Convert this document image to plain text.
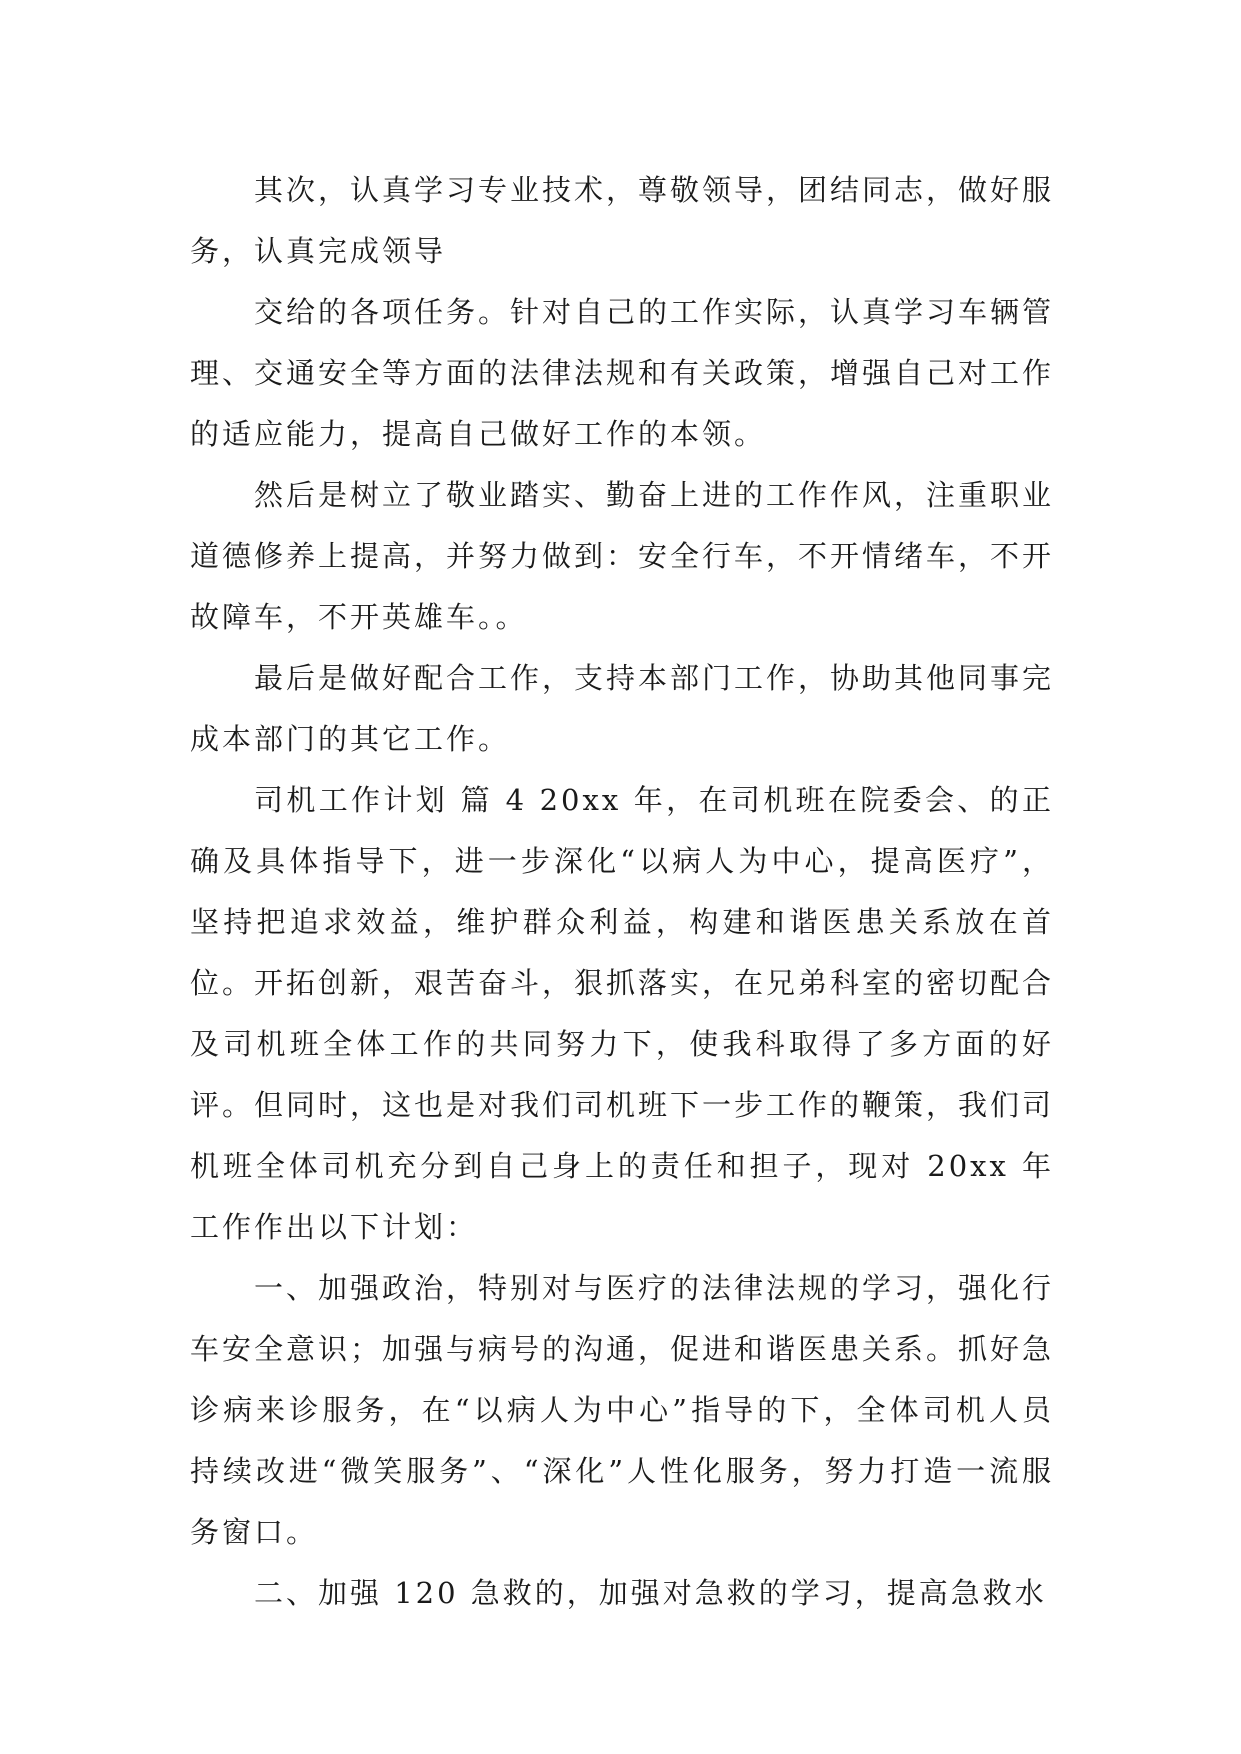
其次，认真学习专业技术，尊敬领导，团结同志，做好服务，认真完成领导

交给的各项任务。针对自己的工作实际，认真学习车辆管理、交通安全等方面的法律法规和有关政策，增强自己对工作的适应能力，提高自己做好工作的本领。

然后是树立了敬业踏实、勤奋上进的工作作风，注重职业道德修养上提高，并努力做到：安全行车，不开情绪车，不开故障车，不开英雄车。。

最后是做好配合工作，支持本部门工作，协助其他同事完成本部门的其它工作。

司机工作计划 篇 4 20xx 年，在司机班在院委会、的正确及具体指导下，进一步深化“以病人为中心，提高医疗”，坚持把追求效益，维护群众利益，构建和谐医患关系放在首位。开拓创新，艰苦奋斗，狠抓落实，在兄弟科室的密切配合及司机班全体工作的共同努力下，使我科取得了多方面的好评。但同时，这也是对我们司机班下一步工作的鞭策，我们司机班全体司机充分到自己身上的责任和担子，现对 20xx 年工作作出以下计划：

一、加强政治，特别对与医疗的法律法规的学习，强化行车安全意识；加强与病号的沟通，促进和谐医患关系。抓好急诊病来诊服务，在“以病人为中心”指导的下，全体司机人员持续改进“微笑服务”、“深化”人性化服务，努力打造一流服务窗口。

二、加强 120 急救的，加强对急救的学习，提高急救水
